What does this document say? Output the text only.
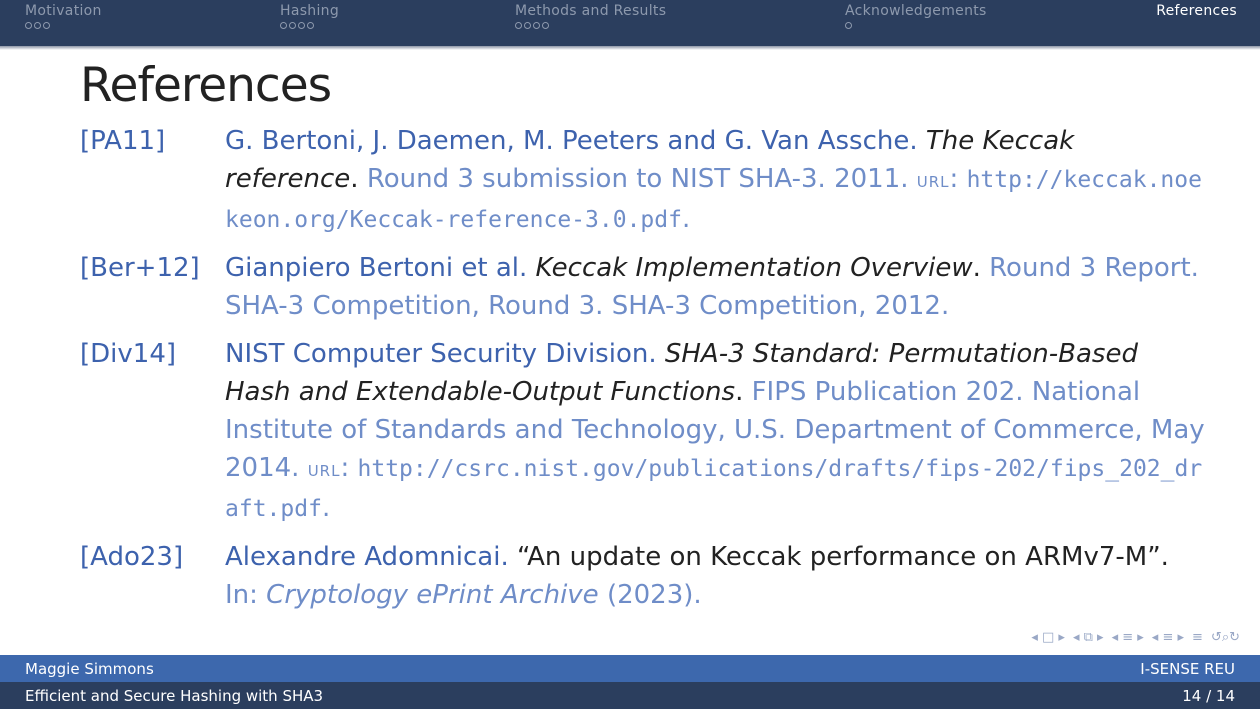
Motivation	Hashing	Methods and Results	Acknowledgements	References
References
[PA11]	G. Bertoni, J. Daemen, M. Peeters and G. Van Assche. The Keccak reference. Round 3 submission to NIST SHA-3. 2011. url: http://keccak.noekeon.org/Keccak-reference-3.0.pdf.
[Ber+12] Gianpiero Bertoni et al. Keccak Implementation Overview. Round 3 Report. SHA-3 Competition, Round 3. SHA-3 Competition, 2012.
[Div14]	NIST Computer Security Division. SHA-3 Standard: Permutation-Based Hash and Extendable-Output Functions. FIPS Publication 202. National Institute of Standards and Technology, U.S. Department of Commerce, May 2014. url: http://csrc.nist.gov/publications/drafts/fips-202/fips_202_draft.pdf.
[Ado23]	Alexandre Adomnicai. “An update on Keccak performance on ARMv7-M”. In: Cryptology ePrint Archive (2023).
◂ □ ▸ ◂ ⧉ ▸ ◂ ≡ ▸ ◂ ≡ ▸ ≡ ↺⌕↻
Maggie Simmons	I-SENSE REU
Efficient and Secure Hashing with SHA3	14 / 14
